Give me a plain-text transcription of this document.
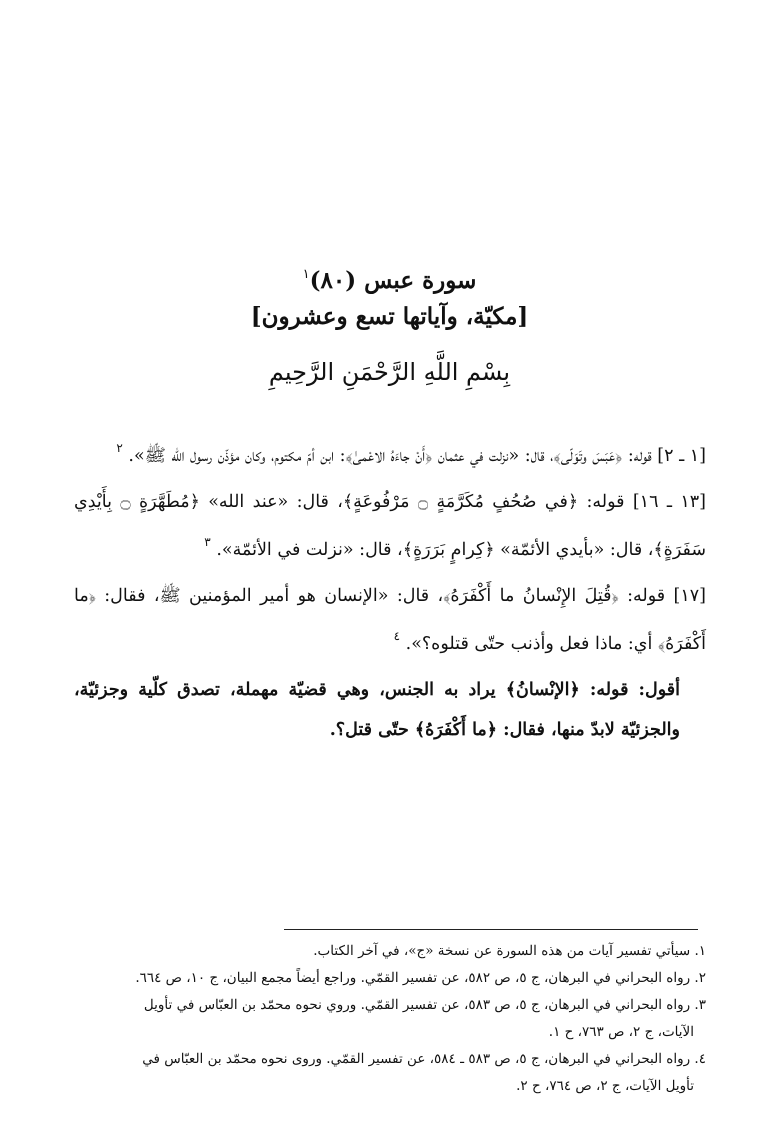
سورة عبس (٨٠)$^١$
[مكيّة، وآياتها تسع وعشرون]
بِسْمِ اللَّهِ الرَّحْمَنِ الرَّحِيمِ

[١ ـ ٢] قوله: ﴿عَبَسَ وتَوَلّى﴾، قال: «نزلت في عثمان ﴿أَنْ جاءَهُ الاعْمىٰ﴾: ابن أمّ مكتوم، وكان مؤذّن رسول الله ﷺ». $^٢$

[١٣ ـ ١٦] قوله: ﴿في صُحُفٍ مُكَرَّمَةٍ ۝ مَرْفُوعَةٍ﴾، قال: «عند الله» ﴿مُطَهَّرَةٍ ۝ بِأَيْدِي سَفَرَةٍ﴾، قال: «بأيدي الأئمّة» ﴿كِرامٍ بَرَرَةٍ﴾، قال: «نزلت في الأئمّة». $^٣$

[١٧] قوله: ﴿قُتِلَ الإِنْسانُ ما أَكْفَرَهُ﴾، قال: «الإنسان هو أمير المؤمنين ﷺ، فقال: ﴿ما أَكْفَرَهُ﴾ أي: ماذا فعل وأذنب حتّى قتلوه؟». $^٤$

أقول: قوله: ﴿الإنْسانُ﴾ يراد به الجنس، وهي قضيّة مهملة، تصدق كلّية وجزئيّة، والجزئيّة لابدّ منها، فقال: ﴿ما أَكْفَرَهُ﴾ حتّى قتل؟.

١. سيأتي تفسير آيات من هذه السورة عن نسخة «ج»، في آخر الكتاب.

٢. رواه البحراني في البرهان، ج ٥، ص ٥٨٢، عن تفسير القمّي. وراجع أيضاً مجمع البيان، ج ١٠، ص ٦٦٤.

٣. رواه البحراني في البرهان، ج ٥، ص ٥٨٣، عن تفسير القمّي. وروي نحوه محمّد بن العبّاس في تأويل

الآيات، ج ٢، ص ٧٦٣، ح ١.

٤. رواه البحراني في البرهان، ج ٥، ص ٥٨٣ ـ ٥٨٤، عن تفسير القمّي. وروى نحوه محمّد بن العبّاس في

تأويل الآيات، ج ٢، ص ٧٦٤، ح ٢.
